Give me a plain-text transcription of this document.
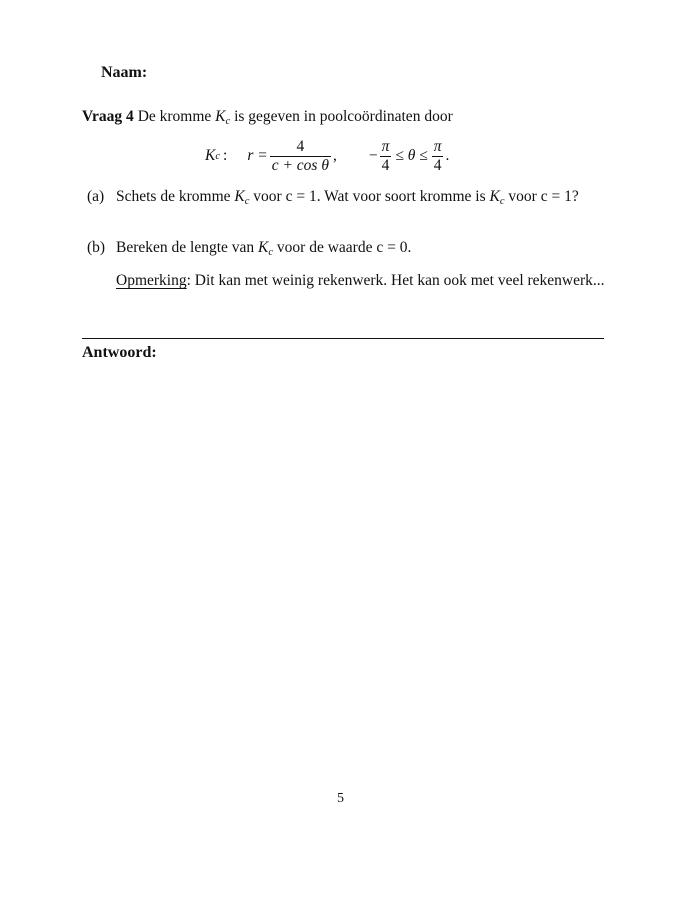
Naam:
Vraag 4 De kromme $K_c$ is gegeven in poolcoördinaten door
K c : $r = \frac{4}{\text{c + cos θ}}$ , − $\frac{\pi}{4} \le \theta \le \frac{\pi}{4}$ .
(a) Schets de kromme $K_c$ voor c = 1. Wat voor soort kromme is $K_c$ voor c = 1?
(b) Bereken de lengte van $K_c$ voor de waarde c = 0.
Opmerking: Dit kan met weinig rekenwerk. Het kan ook met veel rekenwerk...
Antwoord:
5
